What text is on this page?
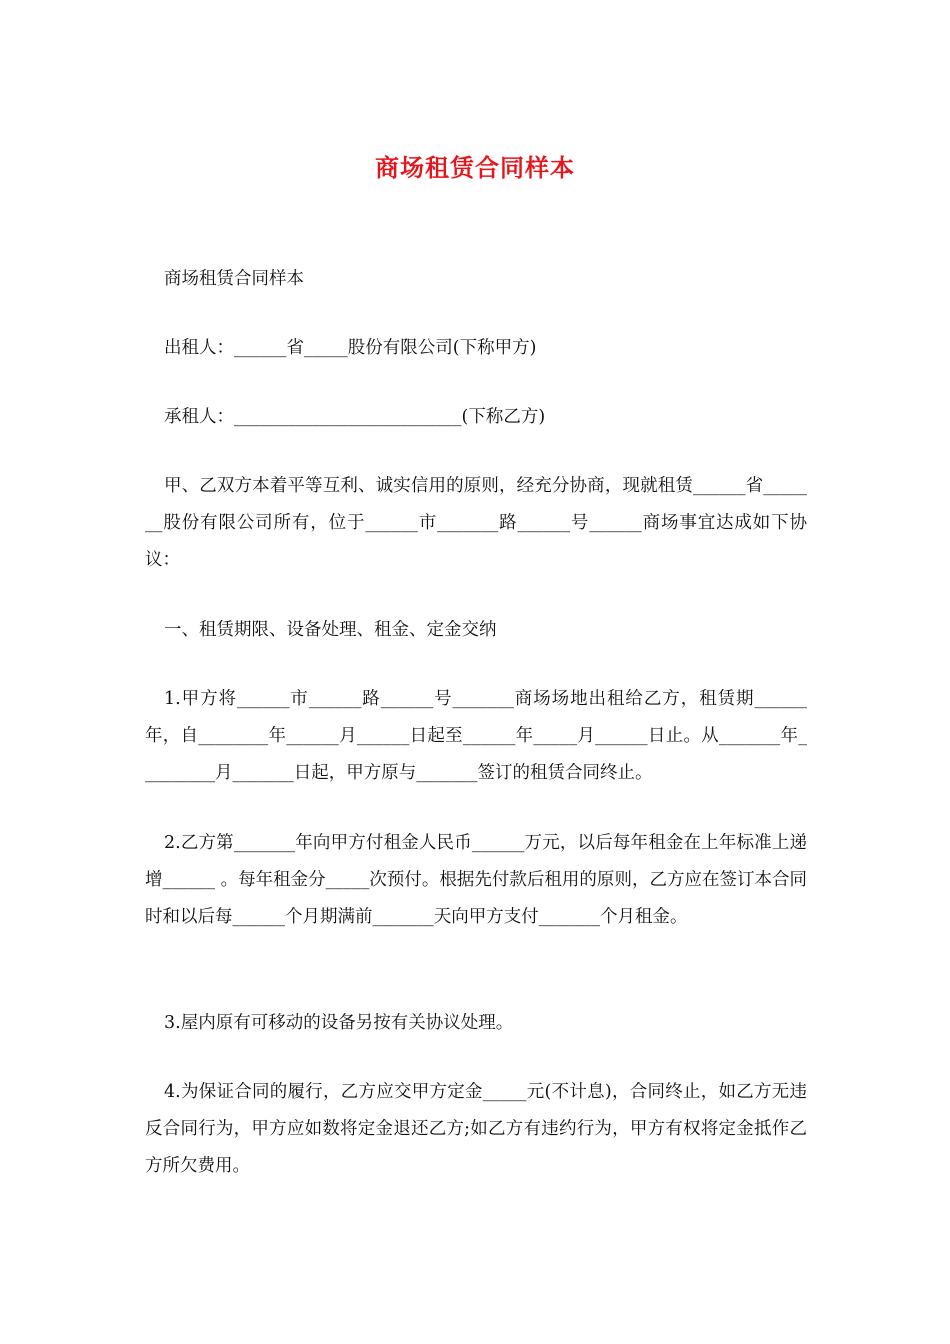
商场租赁合同样本
商场租赁合同样本
出租人：______省_____股份有限公司(下称甲方)
承租人：__________________________(下称乙方)
甲、乙双方本着平等互利、诚实信用的原则，经充分协商，现就租赁______省_______股份有限公司所有，位于______市_______路______号______商场事宜达成如下协议：
一、租赁期限、设备处理、租金、定金交纳
1.甲方将______市______路______号_______商场场地出租给乙方，租赁期______年，自________年______月______日起至______年_____月______日止。从_______年_________月_______日起，甲方原与_______签订的租赁合同终止。
2.乙方第_______年向甲方付租金人民币______万元，以后每年租金在上年标准上递增______ 。每年租金分_____次预付。根据先付款后租用的原则，乙方应在签订本合同时和以后每______个月期满前_______天向甲方支付_______个月租金。
3.屋内原有可移动的设备另按有关协议处理。
4.为保证合同的履行，乙方应交甲方定金_____元(不计息)，合同终止，如乙方无违反合同行为，甲方应如数将定金退还乙方;如乙方有违约行为，甲方有权将定金抵作乙方所欠费用。
